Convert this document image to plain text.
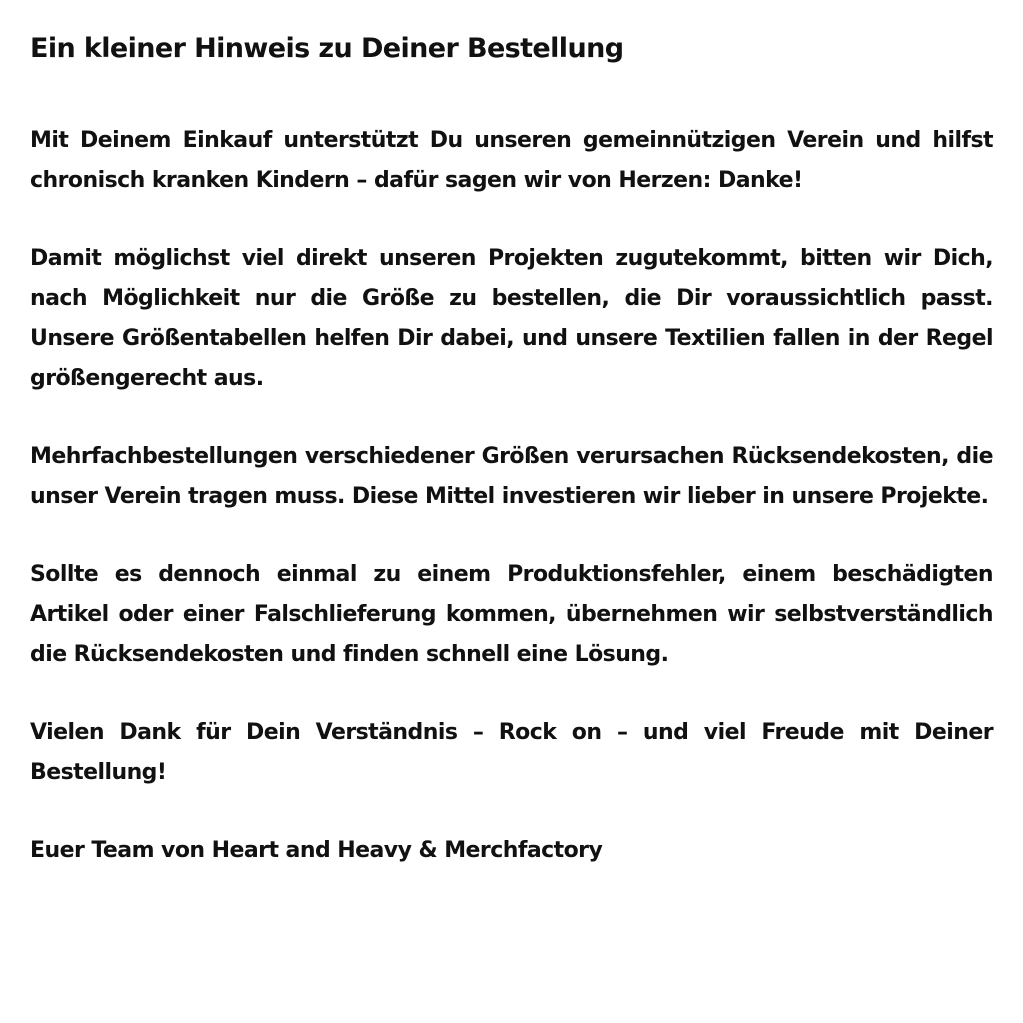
Ein kleiner Hinweis zu Deiner Bestellung

Mit Deinem Einkauf unterstützt Du unseren gemeinnützigen Verein und hilfst chronisch kranken Kindern – dafür sagen wir von Herzen: Danke!

Damit möglichst viel direkt unseren Projekten zugutekommt, bitten wir Dich, nach Möglichkeit nur die Größe zu bestellen, die Dir voraussichtlich passt. Unsere Größentabellen helfen Dir dabei, und unsere Textilien fallen in der Regel größengerecht aus.

Mehrfachbestellungen verschiedener Größen verursachen Rücksendekosten, die unser Verein tragen muss. Diese Mittel investieren wir lieber in unsere Projekte.

Sollte es dennoch einmal zu einem Produktionsfehler, einem beschädigten Artikel oder einer Falschlieferung kommen, übernehmen wir selbstverständlich die Rücksendekosten und finden schnell eine Lösung.

Vielen Dank für Dein Verständnis – Rock on – und viel Freude mit Deiner Bestellung!

Euer Team von Heart and Heavy & Merchfactory
